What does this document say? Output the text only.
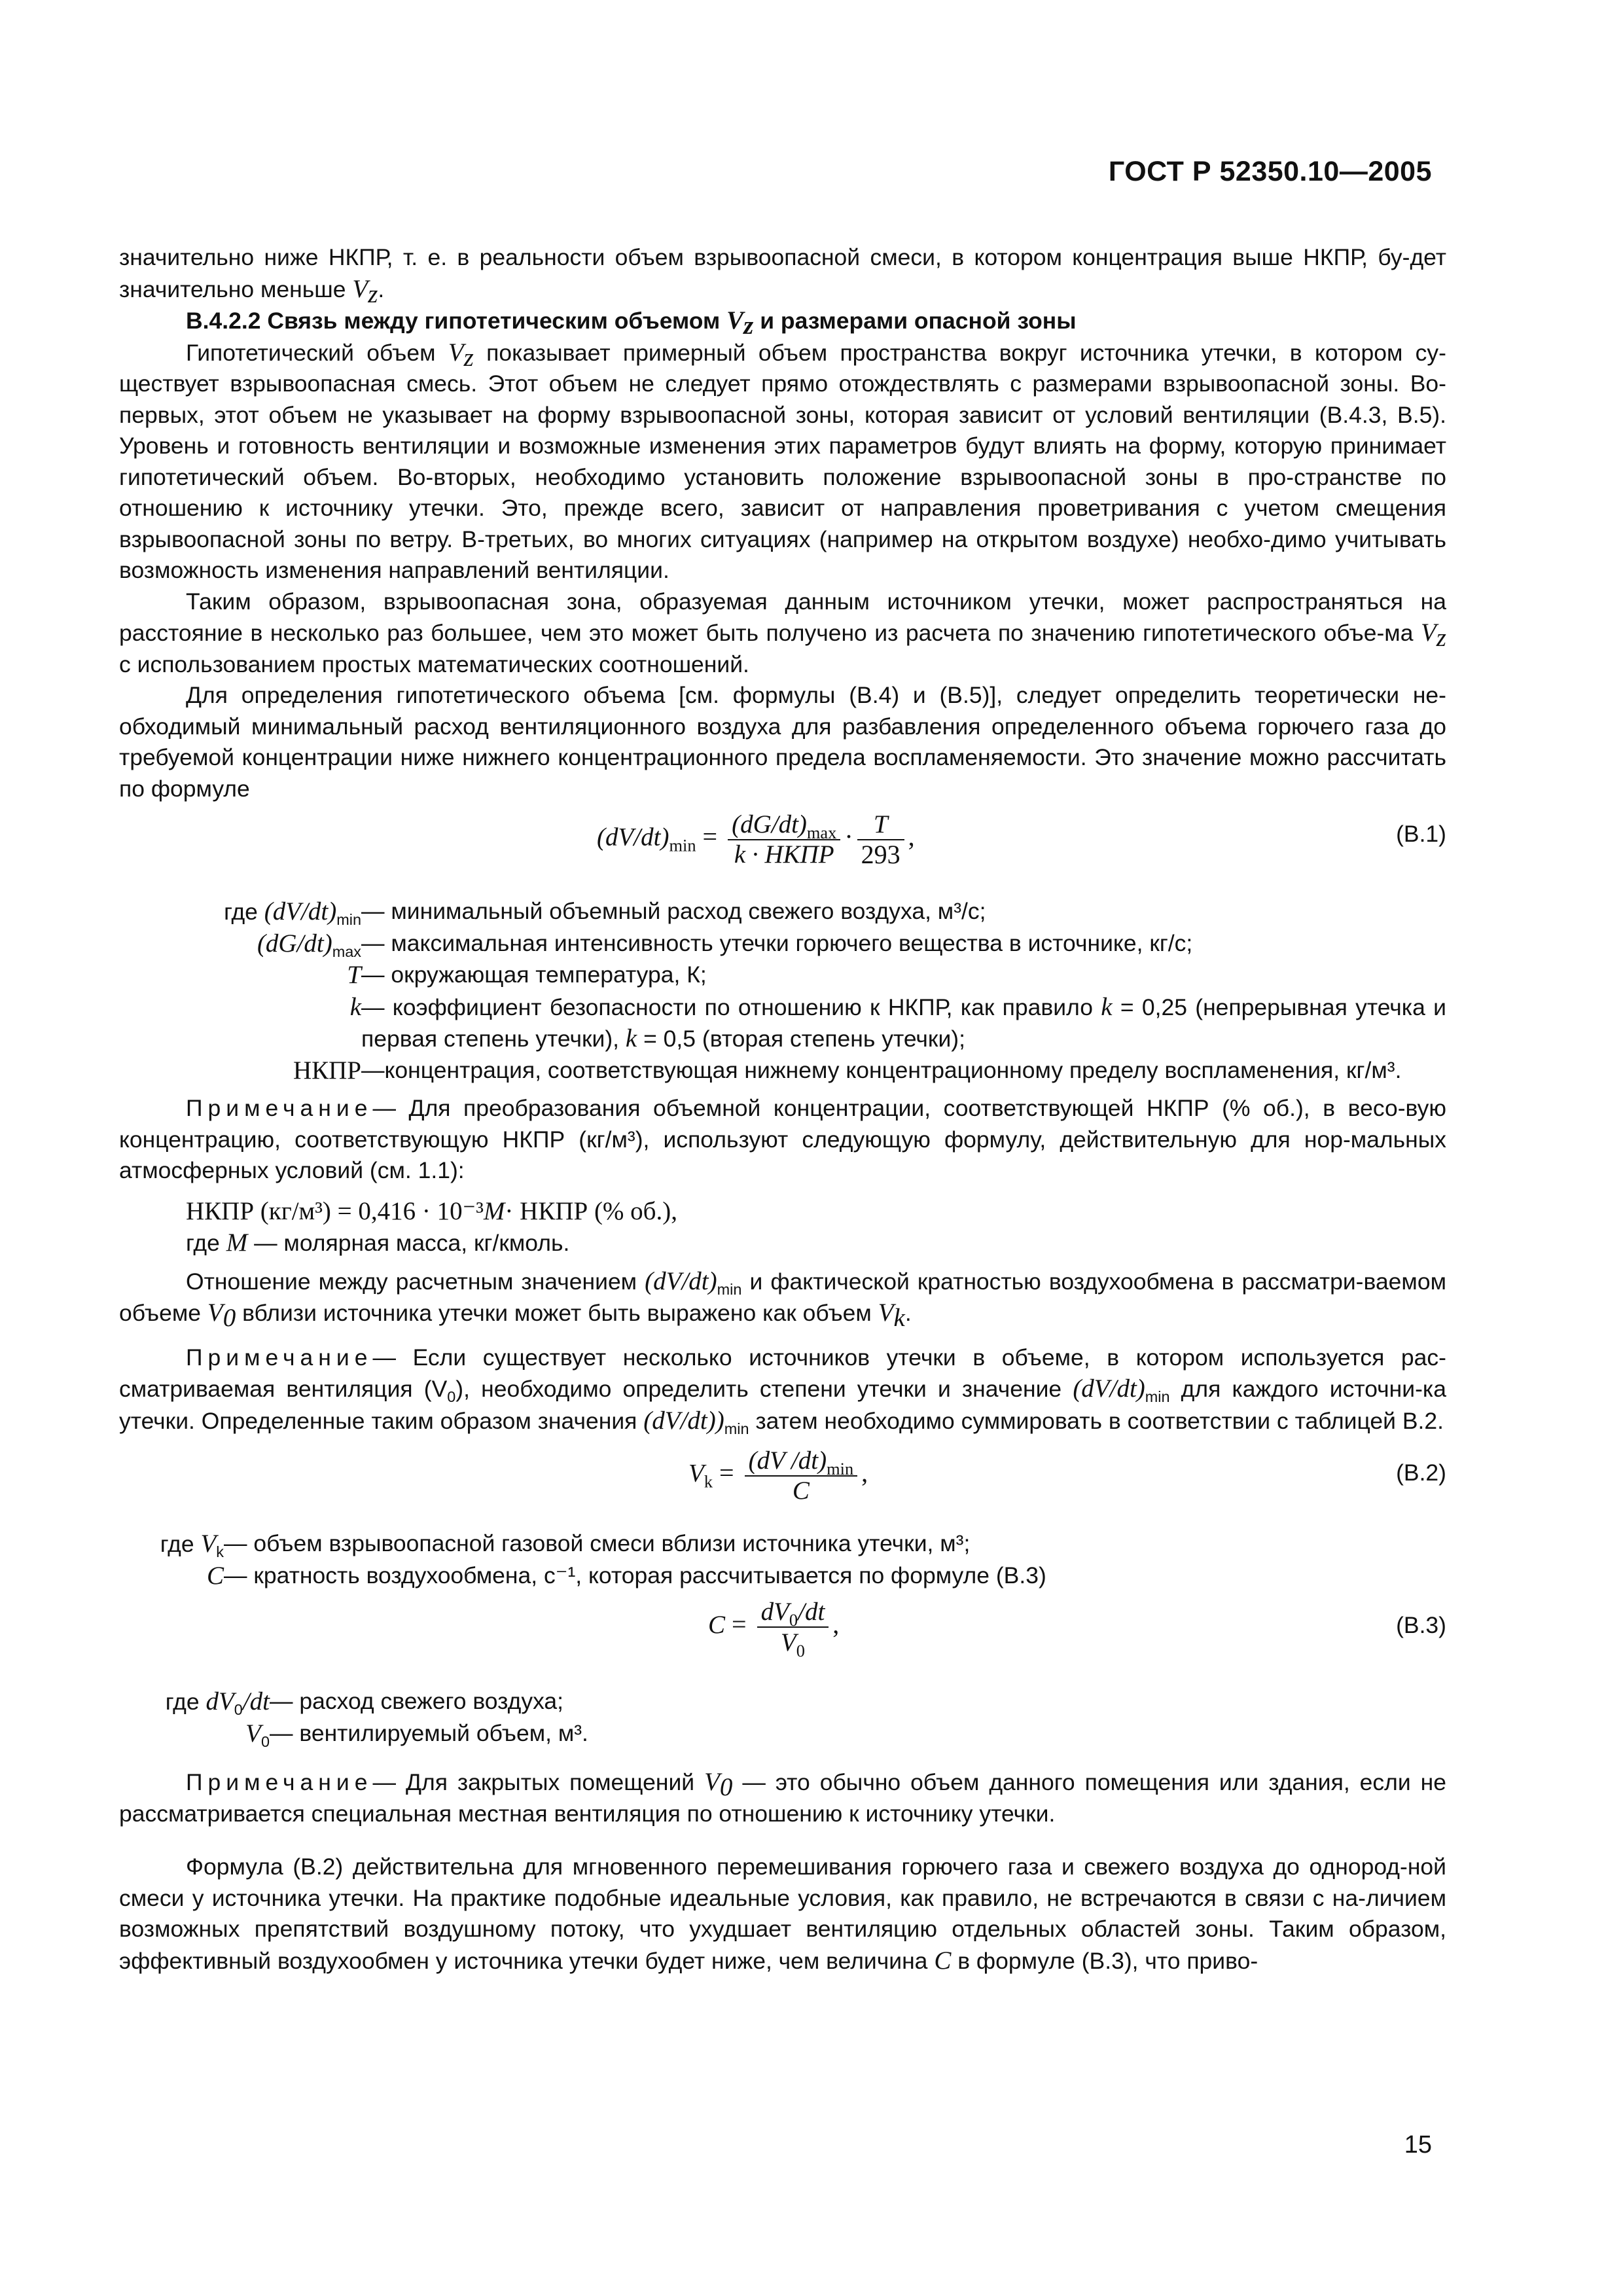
ГОСТ Р 52350.10—2005

значительно ниже НКПР, т. е. в реальности объем взрывоопасной смеси, в котором концентрация выше НКПР, бу-дет значительно меньше $V_z$.

В.4.2.2 Связь между гипотетическим объемом $V_z$ и размерами опасной зоны

Гипотетический объем $V_z$ показывает примерный объем пространства вокруг источника утечки, в котором су-ществует взрывоопасная смесь. Этот объем не следует прямо отождествлять с размерами взрывоопасной зоны. Во-первых, этот объем не указывает на форму взрывоопасной зоны, которая зависит от условий вентиляции (В.4.3, В.5). Уровень и готовность вентиляции и возможные изменения этих параметров будут влиять на форму, которую принимает гипотетический объем. Во-вторых, необходимо установить положение взрывоопасной зоны в про-странстве по отношению к источнику утечки. Это, прежде всего, зависит от направления проветривания с учетом смещения взрывоопасной зоны по ветру. В-третьих, во многих ситуациях (например на открытом воздухе) необхо-димо учитывать возможность изменения направлений вентиляции.

Таким образом, взрывоопасная зона, образуемая данным источником утечки, может распространяться на расстояние в несколько раз большее, чем это может быть получено из расчета по значению гипотетического объе-ма $V_z$ с использованием простых математических соотношений.

Для определения гипотетического объема [см. формулы (В.4) и (В.5)], следует определить теоретически не-обходимый минимальный расход вентиляционного воздуха для разбавления определенного объема горючего газа до требуемой концентрации ниже нижнего концентрационного предела воспламеняемости. Это значение можно рассчитать по формуле

$(dV/dt)_{min} = \frac{(dG/dt)_{max}}{\text{k · НКПР}} \cdot \frac{T}{293}$ ,	(В.1)
где $(dV/dt)_{min}$ — минимальный объемный расход свежего воздуха, м³/с;
$(dG/dt)_{max}$ — максимальная интенсивность утечки горючего вещества в источнике, кг/с;
T — окружающая температура, К;
k — коэффициент безопасности по отношению к НКПР, как правило k = 0,25 (непрерывная утечка и первая степень утечки), k = 0,5 (вторая степень утечки);
НКПР —концентрация, соответствующая нижнему концентрационному пределу воспламенения, кг/м³.

Примечание— Для преобразования объемной концентрации, соответствующей НКПР (% об.), в весо-вую концентрацию, соответствующую НКПР (кг/м³), используют следующую формулу, действительную для нор-мальных атмосферных условий (см. 1.1):

НКПР (кг/м³) = 0,416 · 10⁻³M· НКПР (% об.),

где M — молярная масса, кг/кмоль.

Отношение между расчетным значением $(dV/dt)_{min}$ и фактической кратностью воздухообмена в рассматри-ваемом объеме $V_0$ вблизи источника утечки может быть выражено как объем $V_k$.

Примечание— Если существует несколько источников утечки в объеме, в котором используется рас-сматриваемая вентиляция $(V_0)$, необходимо определить степени утечки и значение $(dV/dt)_{min}$ для каждого источни-ка утечки. Определенные таким образом значения $(dV/dt))_{min}$ затем необходимо суммировать в соответствии с таблицей В.2.

$V_k = \frac{(dV /dt)_{min}}{C}$ ,	(В.2)
где $V_k$ — объем взрывоопасной газовой смеси вблизи источника утечки, м³;
C — кратность воздухообмена, с⁻¹, которая рассчитывается по формуле (В.3)
$C = \frac{dV_0/dt}{V_0}$ ,	(В.3)
где $dV_0/dt$ — расход свежего воздуха;
$V_0$ — вентилируемый объем, м³.

Примечание— Для закрытых помещений $V_0$ — это обычно объем данного помещения или здания, если не рассматривается специальная местная вентиляция по отношению к источнику утечки.

Формула (В.2) действительна для мгновенного перемешивания горючего газа и свежего воздуха до однород-ной смеси у источника утечки. На практике подобные идеальные условия, как правило, не встречаются в связи с на-личием возможных препятствий воздушному потоку, что ухудшает вентиляцию отдельных областей зоны. Таким образом, эффективный воздухообмен у источника утечки будет ниже, чем величина C в формуле (В.3), что приво-

15
